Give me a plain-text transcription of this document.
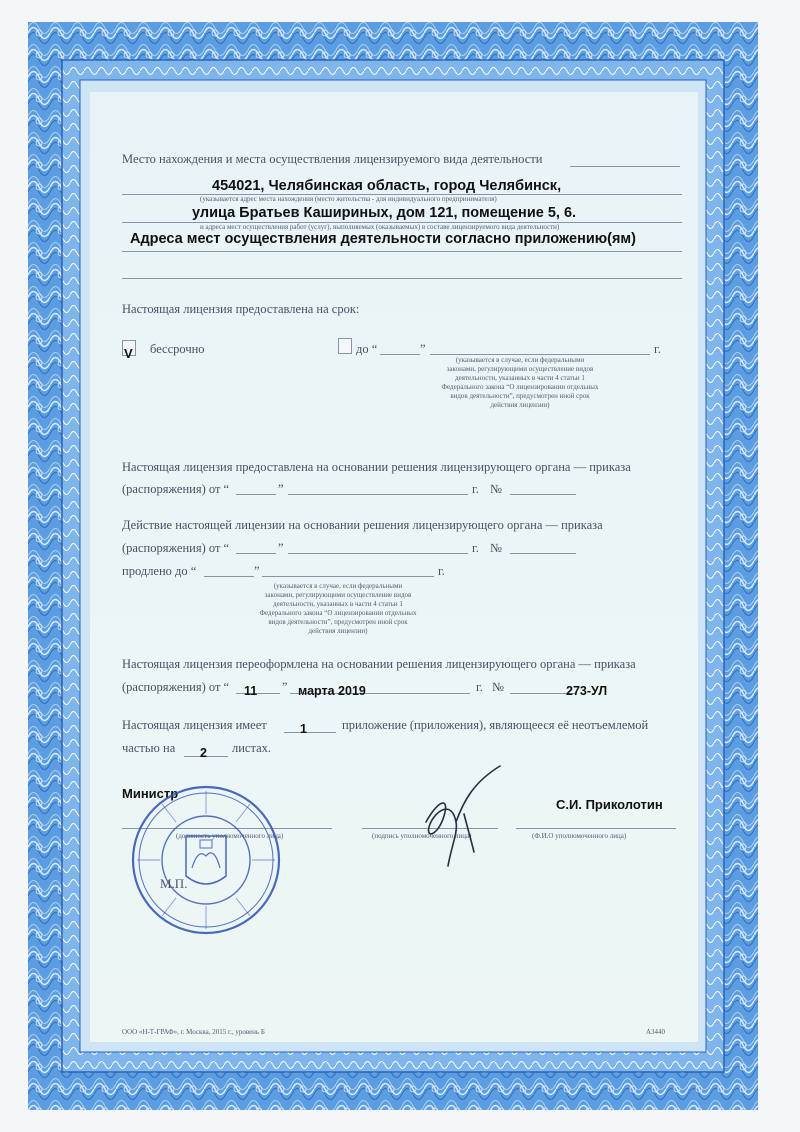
Место нахождения и места осуществления лицензируемого вида деятельности
454021, Челябинская область, город Челябинск,
(указывается адрес места нахождения (место жительства - для индивидуального предпринимателя)
улица Братьев Кашириных, дом 121, помещение 5, 6.
и адреса мест осуществления работ (услуг), выполняемых (оказываемых) в составе лицензируемого вида деятельности)
Адреса мест осуществления деятельности согласно приложению(ям)
Настоящая лицензия предоставлена на срок:
V бессрочно	до “	”	г.
(указывается в случае, если федеральными
законами, регулирующими осуществление видов
деятельности, указанных в части 4 статьи 1
Федерального закона “О лицензировании отдельных
видов деятельности”, предусмотрен иной срок
действия лицензии)
Настоящая лицензия предоставлена на основании решения лицензирующего органа — приказа
(распоряжения) от “	”	г. №
Действие настоящей лицензии на основании решения лицензирующего органа — приказа
(распоряжения) от “	”	г. №
продлено до “	”	г.
(указывается в случае, если федеральными
законами, регулирующими осуществление видов
деятельности, указанных в части 4 статьи 1
Федерального закона “О лицензировании отдельных
видов деятельности”, предусмотрен иной срок
действия лицензии)
Настоящая лицензия переоформлена на основании решения лицензирующего органа — приказа
(распоряжения) от “ 11 ” марта 2019	г. №	273-УЛ
Настоящая лицензия имеет	1	приложение (приложения), являющееся её неотъемлемой
частью на 2 листах.
Министр
С.И. Приколотин
(должность уполномоченного лица)	(подпись уполномоченного лица)	(Ф.И.О уполномоченного лица)
М.П.
ООО «Н-Т-ГРАФ», г. Москва, 2015 г., уровень Б	А3440
